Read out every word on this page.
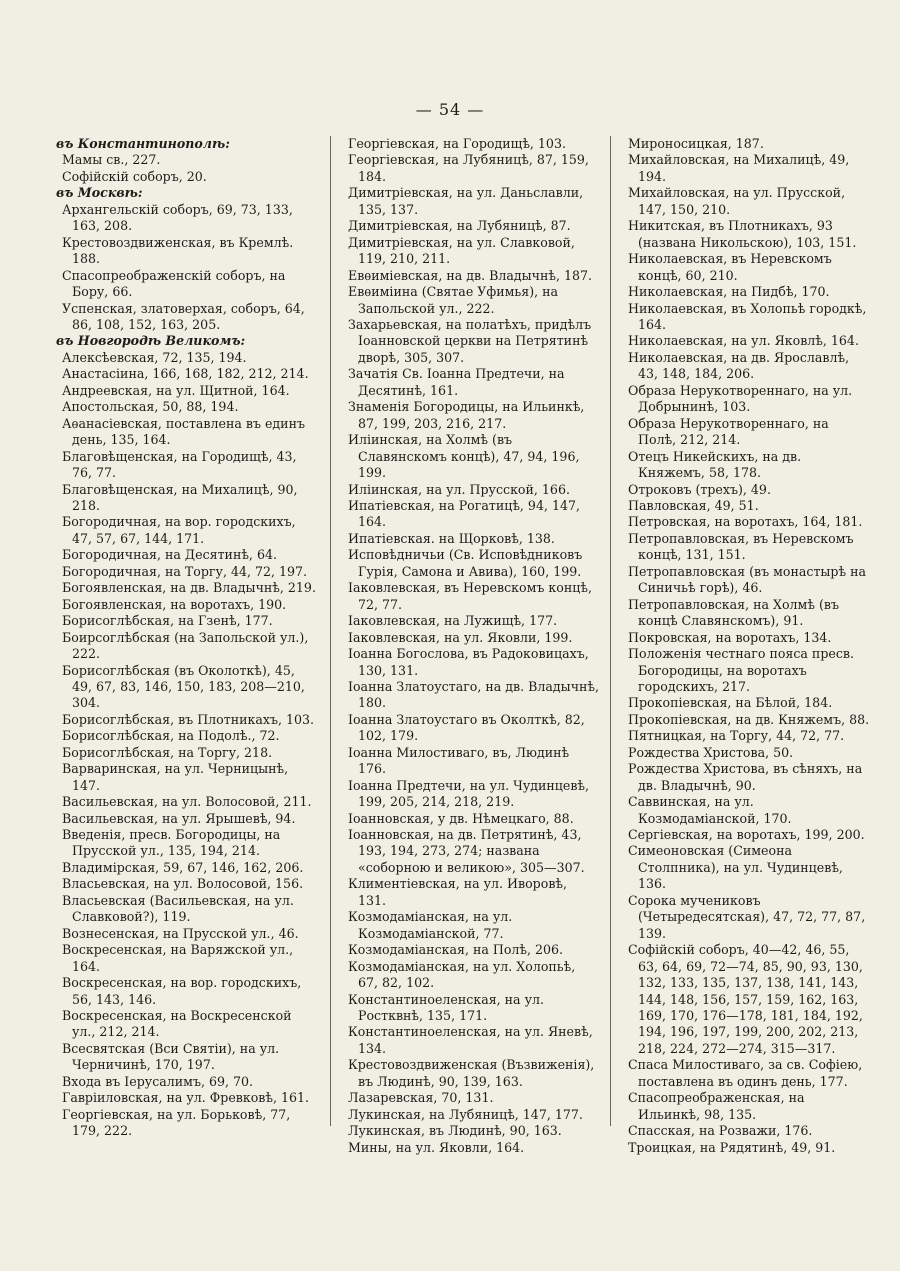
— 54 —
въ Константинополѣ:
Мамы св., 227.
Софійскій соборъ, 20.
въ Москвѣ:
Архангельскій соборъ, 69, 73, 133, 163, 208.
Крестовоздвиженская, въ Кремлѣ. 188.
Спасопреображенскій соборъ, на Бору, 66.
Успенская, златоверхая, соборъ, 64, 86, 108, 152, 163, 205.
въ Новгородѣ Великомъ:
Алексѣевская, 72, 135, 194.
Анастасіина, 166, 168, 182, 212, 214.
Андреевская, на ул. Щитной, 164.
Апостольская, 50, 88, 194.
Аѳанасіевская, поставлена въ единъ день, 135, 164.
Благовѣщенская, на Городищѣ, 43, 76, 77.
Благовѣщенская, на Михалицѣ, 90, 218.
Богородичная, на вор. городскихъ, 47, 57, 67, 144, 171.
Богородичная, на Десятинѣ, 64.
Богородичная, на Торгу, 44, 72, 197.
Богоявленская, на дв. Владычнѣ, 219.
Богоявленская, на воротахъ, 190.
Борисоглѣбская, на Гзенѣ, 177.
Боирсоглѣбская (на Запольской ул.), 222.
Борисоглѣбская (въ Околоткѣ), 45, 49, 67, 83, 146, 150, 183, 208—210, 304.
Борисоглѣбская, въ Плотникахъ, 103.
Борисоглѣбская, на Подолѣ., 72.
Борисоглѣбская, на Торгу, 218.
Варваринская, на ул. Черницынѣ, 147.
Васильевская, на ул. Волосовой, 211.
Васильевская, на ул. Ярышевѣ, 94.
Введенія, пресв. Богородицы, на Прусской ул., 135, 194, 214.
Владимірская, 59, 67, 146, 162, 206.
Власьевская, на ул. Волосовой, 156.
Власьевская (Васильевская, на ул. Славковой?), 119.
Вознесенская, на Прусской ул., 46.
Воскресенская, на Варяжской ул., 164.
Воскресенская, на вор. городскихъ, 56, 143, 146.
Воскресенская, на Воскресенской ул., 212, 214.
Всесвятская (Вси Святіи), на ул. Черничинѣ, 170, 197.
Входа въ Іерусалимъ, 69, 70.
Гавріиловская, на ул. Фревковѣ, 161.
Георгіевская, на ул. Борьковѣ, 77, 179, 222.
Георгіевская, на Городищѣ, 103.
Георгіевская, на Лубяницѣ, 87, 159, 184.
Димитріевская, на ул. Даньславли, 135, 137.
Димитріевская, на Лубяницѣ, 87.
Димитріевская, на ул. Славковой, 119, 210, 211.
Евѳиміевская, на дв. Владычнѣ, 187.
Евѳиміина (Святае Уфимья), на Запольской ул., 222.
Захарьевская, на полатѣхъ, придѣлъ Іоанновской церкви на Петрятинѣ дворѣ, 305, 307.
Зачатія Св. Іоанна Предтечи, на Десятинѣ, 161.
Знаменія Богородицы, на Ильинкѣ, 87, 199, 203, 216, 217.
Иліинская, на Холмѣ (въ Славянскомъ концѣ), 47, 94, 196, 199.
Иліинская, на ул. Прусской, 166.
Ипатіевская, на Рогатицѣ, 94, 147, 164.
Ипатіевская. на Щорковѣ, 138.
Исповѣдничьи (Св. Исповѣдниковъ Гурія, Самона и Авива), 160, 199.
Іаковлевская, въ Неревскомъ концѣ, 72, 77.
Іаковлевская, на Лужищѣ, 177.
Іаковлевская, на ул. Яковли, 199.
Іоанна Богослова, въ Радоковицахъ, 130, 131.
Іоанна Златоустаго, на дв. Владычнѣ, 180.
Іоанна Златоустаго въ Околткѣ, 82, 102, 179.
Іоанна Милостиваго, въ, Людинѣ 176.
Іоанна Предтечи, на ул. Чудинцевѣ, 199, 205, 214, 218, 219.
Іоанновская, у дв. Нѣмецкаго, 88.
Іоанновская, на дв. Петрятинѣ, 43, 193, 194, 273, 274; названа «соборною и великою», 305—307.
Климентіевская, на ул. Иворовѣ, 131.
Козмодаміанская, на ул. Козмодаміанской, 77.
Козмодаміанская, на Полѣ, 206.
Козмодаміанская, на ул. Холопьѣ, 67, 82, 102.
Константиноеленская, на ул. Ростквнѣ, 135, 171.
Константиноеленская, на ул. Яневѣ, 134.
Крестовоздвиженская (Възвиженія), въ Людинѣ, 90, 139, 163.
Лазаревская, 70, 131.
Лукинская, на Лубяницѣ, 147, 177.
Лукинская, въ Людинѣ, 90, 163.
Мины, на ул. Яковли, 164.
Мироносицкая, 187.
Михайловская, на Михалицѣ, 49, 194.
Михайловская, на ул. Прусской, 147, 150, 210.
Никитская, въ Плотникахъ, 93 (названа Никольскою), 103, 151.
Николаевская, въ Неревскомъ концѣ, 60, 210.
Николаевская, на Пидбѣ, 170.
Николаевская, въ Холопьѣ городкѣ, 164.
Николаевская, на ул. Яковлѣ, 164.
Николаевская, на дв. Ярославлѣ, 43, 148, 184, 206.
Образа Нерукотвореннаго, на ул. Добрынинѣ, 103.
Образа Нерукотвореннаго, на Полѣ, 212, 214.
Отецъ Никейскихъ, на дв. Княжемъ, 58, 178.
Отроковъ (трехъ), 49.
Павловская, 49, 51.
Петровская, на воротахъ, 164, 181.
Петропавловская, въ Неревскомъ концѣ, 131, 151.
Петропавловская (въ монастырѣ на Синичьѣ горѣ), 46.
Петропавловская, на Холмѣ (въ концѣ Славянскомъ), 91.
Покровская, на воротахъ, 134.
Положенія честнаго пояса пресв. Богородицы, на воротахъ городскихъ, 217.
Прокопіевская, на Бѣлой, 184.
Прокопіевская, на дв. Княжемъ, 88.
Пятницкая, на Торгу, 44, 72, 77.
Рождества Христова, 50.
Рождества Христова, въ сѣняхъ, на дв. Владычнѣ, 90.
Саввинская, на ул. Козмодаміанской, 170.
Сергіевская, на воротахъ, 199, 200.
Симеоновская (Симеона Столпника), на ул. Чудинцевѣ, 136.
Сорока мучениковъ (Четыредесятская), 47, 72, 77, 87, 139.
Софійскій соборъ, 40—42, 46, 55, 63, 64, 69, 72—74, 85, 90, 93, 130, 132, 133, 135, 137, 138, 141, 143, 144, 148, 156, 157, 159, 162, 163, 169, 170, 176—178, 181, 184, 192, 194, 196, 197, 199, 200, 202, 213, 218, 224, 272—274, 315—317.
Спаса Милостиваго, за св. Софіею, поставлена въ одинъ день, 177.
Спасопреображенская, на Ильинкѣ, 98, 135.
Спасская, на Розважи, 176.
Троицкая, на Рядятинѣ, 49, 91.
